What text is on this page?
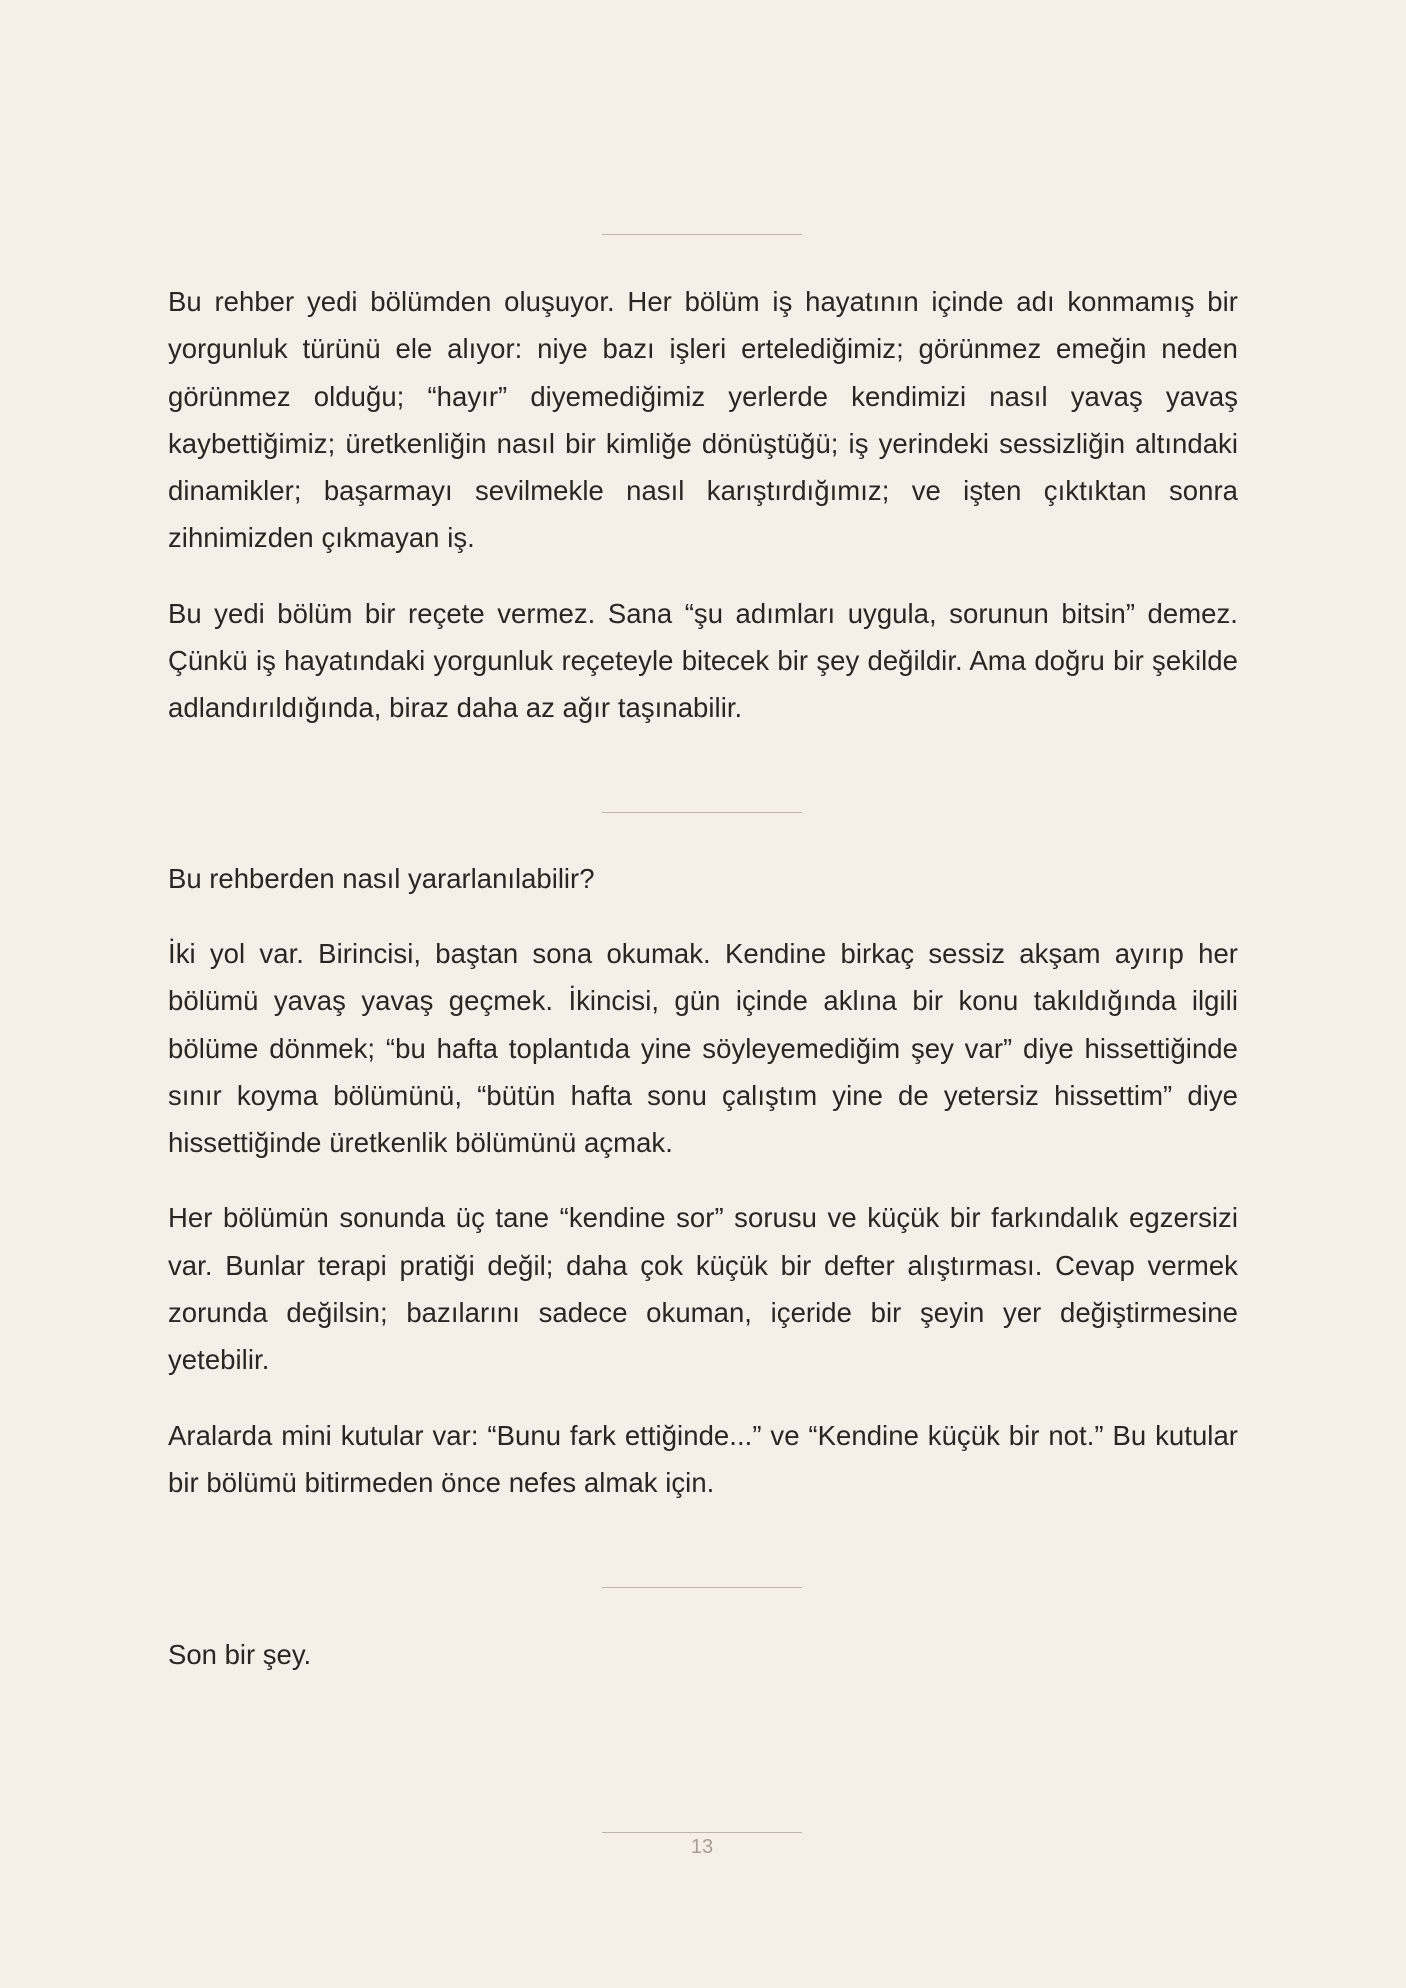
Bu rehber yedi bölümden oluşuyor. Her bölüm iş hayatının içinde adı konmamış bir yorgunluk türünü ele alıyor: niye bazı işleri ertelediğimiz; görünmez emeğin neden görünmez olduğu; “hayır” diyemediğimiz yerlerde kendimizi nasıl yavaş yavaş kaybettiğimiz; üretkenliğin nasıl bir kimliğe dönüştüğü; iş yerindeki sessizliğin altındaki dinamikler; başarmayı sevilmekle nasıl karıştırdığımız; ve işten çıktıktan sonra zihnimizden çıkmayan iş.

Bu yedi bölüm bir reçete vermez. Sana “şu adımları uygula, sorunun bitsin” demez. Çünkü iş hayatındaki yorgunluk reçeteyle bitecek bir şey değildir. Ama doğru bir şekilde adlandırıldığında, biraz daha az ağır taşınabilir.

Bu rehberden nasıl yararlanılabilir?

İki yol var. Birincisi, baştan sona okumak. Kendine birkaç sessiz akşam ayırıp her bölümü yavaş yavaş geçmek. İkincisi, gün içinde aklına bir konu takıldığında ilgili bölüme dönmek; “bu hafta toplantıda yine söyleyemediğim şey var” diye hissettiğinde sınır koyma bölümünü, “bütün hafta sonu çalıştım yine de yetersiz hissettim” diye hissettiğinde üretkenlik bölümünü açmak.

Her bölümün sonunda üç tane “kendine sor” sorusu ve küçük bir farkındalık egzersizi var. Bunlar terapi pratiği değil; daha çok küçük bir defter alıştırması. Cevap vermek zorunda değilsin; bazılarını sadece okuman, içeride bir şeyin yer değiştirmesine yetebilir.

Aralarda mini kutular var: “Bunu fark ettiğinde...” ve “Kendine küçük bir not.” Bu kutular bir bölümü bitirmeden önce nefes almak için.

Son bir şey.

13
